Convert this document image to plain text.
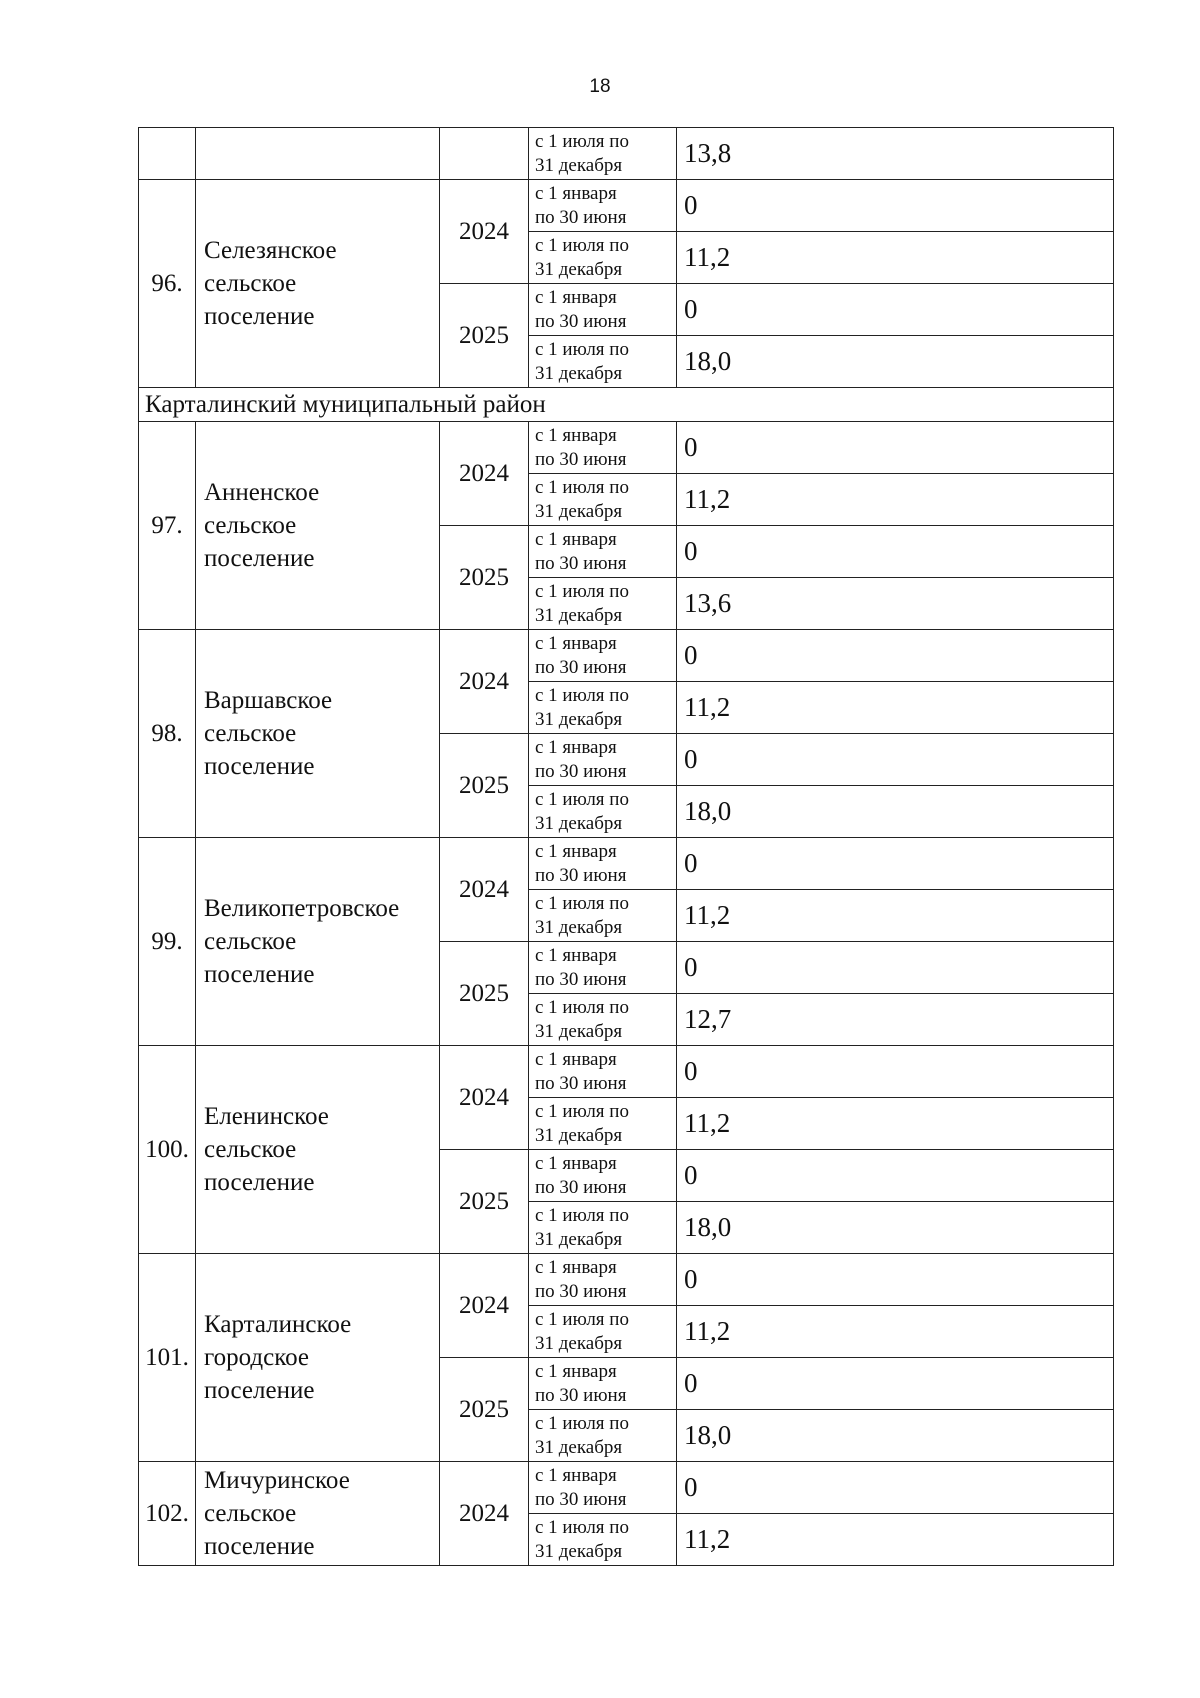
18

			с 1 июля по
31 декабря	13,8
96.	Селезянское
сельское
поселение	2024	с 1 января
по 30 июня	0

			с 1 июля по
31 декабря	11,2
		2025	с 1 января
по 30 июня	0

			с 1 июля по
31 декабря	18,0
Карталинский муниципальный район				
97.	Анненское
сельское
поселение	2024	с 1 января
по 30 июня	0

			с 1 июля по
31 декабря	11,2
		2025	с 1 января
по 30 июня	0

			с 1 июля по
31 декабря	13,6
98.	Варшавское
сельское
поселение	2024	с 1 января
по 30 июня	0

			с 1 июля по
31 декабря	11,2
		2025	с 1 января
по 30 июня	0

			с 1 июля по
31 декабря	18,0
99.	Великопетровское
сельское
поселение	2024	с 1 января
по 30 июня	0

			с 1 июля по
31 декабря	11,2
		2025	с 1 января
по 30 июня	0

			с 1 июля по
31 декабря	12,7
100.	Еленинское
сельское
поселение	2024	с 1 января
по 30 июня	0

			с 1 июля по
31 декабря	11,2
		2025	с 1 января
по 30 июня	0

			с 1 июля по
31 декабря	18,0
101.	Карталинское
городское
поселение	2024	с 1 января
по 30 июня	0

			с 1 июля по
31 декабря	11,2
		2025	с 1 января
по 30 июня	0

			с 1 июля по
31 декабря	18,0
102.	Мичуринское
сельское
поселение	2024	с 1 января
по 30 июня	0

			с 1 июля по
31 декабря	11,2
